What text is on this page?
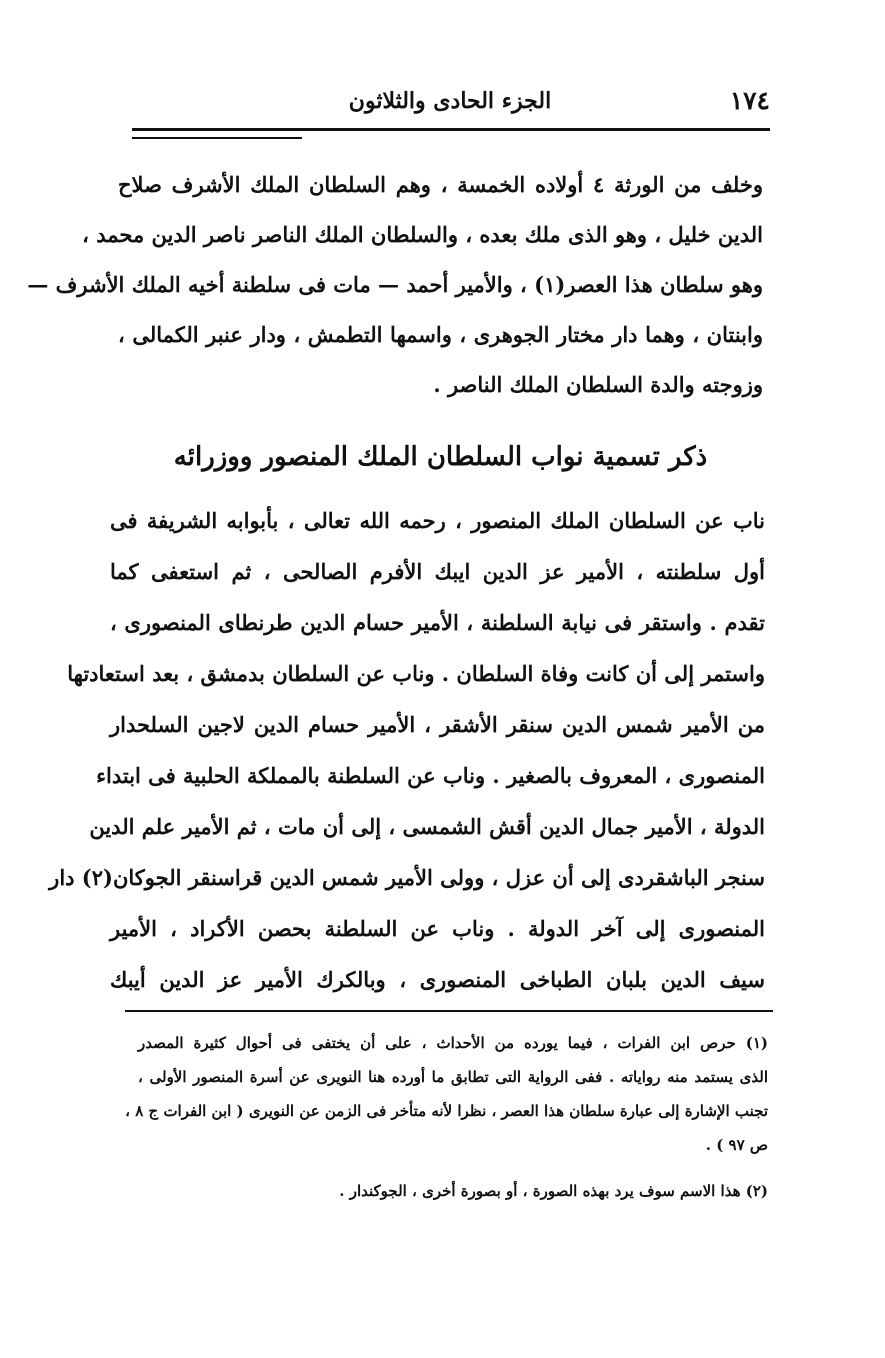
١٧٤
الجزء الحادى والثلاثون
وخلف من الورثة ٤ أولاده الخمسة ، وهم السلطان الملك الأشرف صلاح
الدين خليل ، وهو الذى ملك بعده ، والسلطان الملك الناصر ناصر الدين محمد ،
وهو سلطان هذا العصر(١) ، والأمير أحمد — مات فى سلطنة أخيه الملك الأشرف —
وابنتان ، وهما دار مختار الجوهرى ، واسمها التطمش ، ودار عنبر الكمالى ،
وزوجته والدة السلطان الملك الناصر .
ذكر تسمية نواب السلطان الملك المنصور ووزرائه
ناب عن السلطان الملك المنصور ، رحمه الله تعالى ، بأبوابه الشريفة فى
أول سلطنته ، الأمير عز الدين ايبك الأفرم الصالحى ، ثم استعفى كما
تقدم . واستقر فى نيابة السلطنة ، الأمير حسام الدين طرنطاى المنصورى ،
واستمر إلى أن كانت وفاة السلطان . وناب عن السلطان بدمشق ، بعد استعادتها
من الأمير شمس الدين سنقر الأشقر ، الأمير حسام الدين لاجين السلحدار
المنصورى ، المعروف بالصغير . وناب عن السلطنة بالمملكة الحلبية فى ابتداء
الدولة ، الأمير جمال الدين أقش الشمسى ، إلى أن مات ، ثم الأمير علم الدين
سنجر الباشقردى إلى أن عزل ، وولى الأمير شمس الدين قراسنقر الجوكان(٢) دار
المنصورى إلى آخر الدولة . وناب عن السلطنة بحصن الأكراد ، الأمير
سيف الدين بلبان الطباخى المنصورى ، وبالكرك الأمير عز الدين أيبك
(١) حرص ابن الفرات ، فيما يورده من الأحداث ، على أن يختفى فى أحوال كثيرة المصدر
الذى يستمد منه رواياته . ففى الرواية التى تطابق ما أورده هنا النويرى عن أسرة المنصور الأولى ،
تجنب الإشارة إلى عبارة سلطان هذا العصر ، نظرا لأنه متأخر فى الزمن عن النويرى ( ابن الفرات ج ٨ ،
ص ٩٧ ) .
(٢) هذا الاسم سوف يرد بهذه الصورة ، أو بصورة أخرى ، الجوكندار .
